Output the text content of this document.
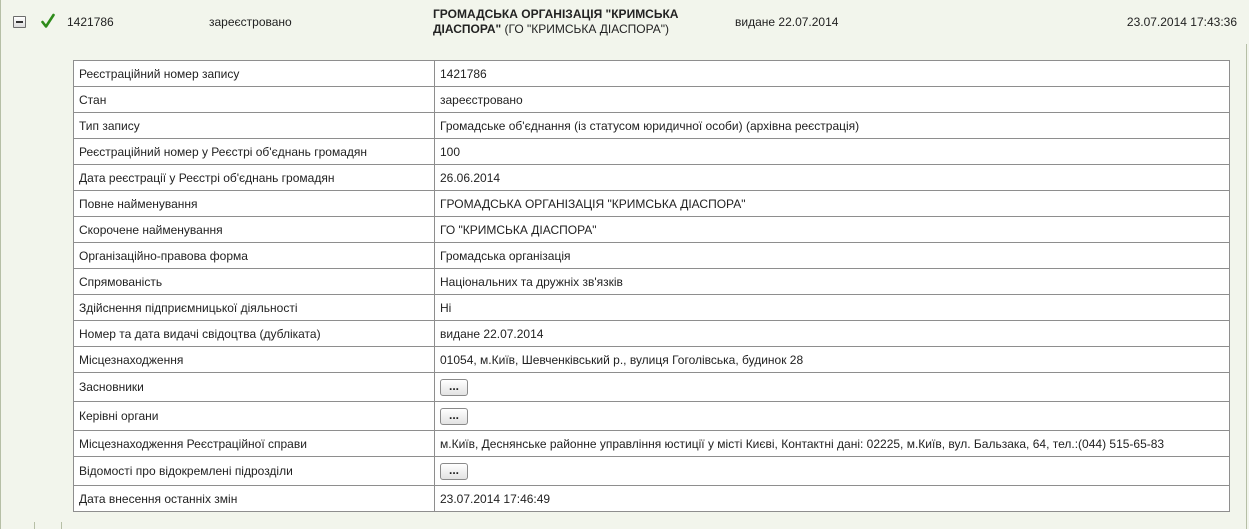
1421786	зареєстровано
ГРОМАДСЬКА ОРГАНІЗАЦІЯ "КРИМСЬКА ДІАСПОРА" (ГО "КРИМСЬКА ДІАСПОРА")	видане 22.07.2014	23.07.2014 17:43:36
Реєстраційний номер запису	1421786
Стан	зареєстровано
Тип запису	Громадське об'єднання (із статусом юридичної особи) (архівна реєстрація)
Реєстраційний номер у Реєстрі об'єднань громадян	100
Дата реєстрації у Реєстрі об'єднань громадян	26.06.2014
Повне найменування	ГРОМАДСЬКА ОРГАНІЗАЦІЯ "КРИМСЬКА ДІАСПОРА"
Скорочене найменування	ГО "КРИМСЬКА ДІАСПОРА"
Організаційно-правова форма	Громадська організація
Спрямованість	Національних та дружніх зв'язків
Здійснення підприємницької діяльності	Ні
Номер та дата видачі свідоцтва (дубліката)	видане 22.07.2014
Місцезнаходження	01054, м.Київ, Шевченківський р., вулиця Гоголівська, будинок 28
Засновники	...
Керівні органи	...
Місцезнаходження Реєстраційної справи	м.Київ, Деснянське районне управління юстиції у місті Києві, Контактні дані: 02225, м.Київ, вул. Бальзака, 64, тел.:(044) 515-65-83
Відомості про відокремлені підрозділи	...
Дата внесення останніх змін	23.07.2014 17:46:49
